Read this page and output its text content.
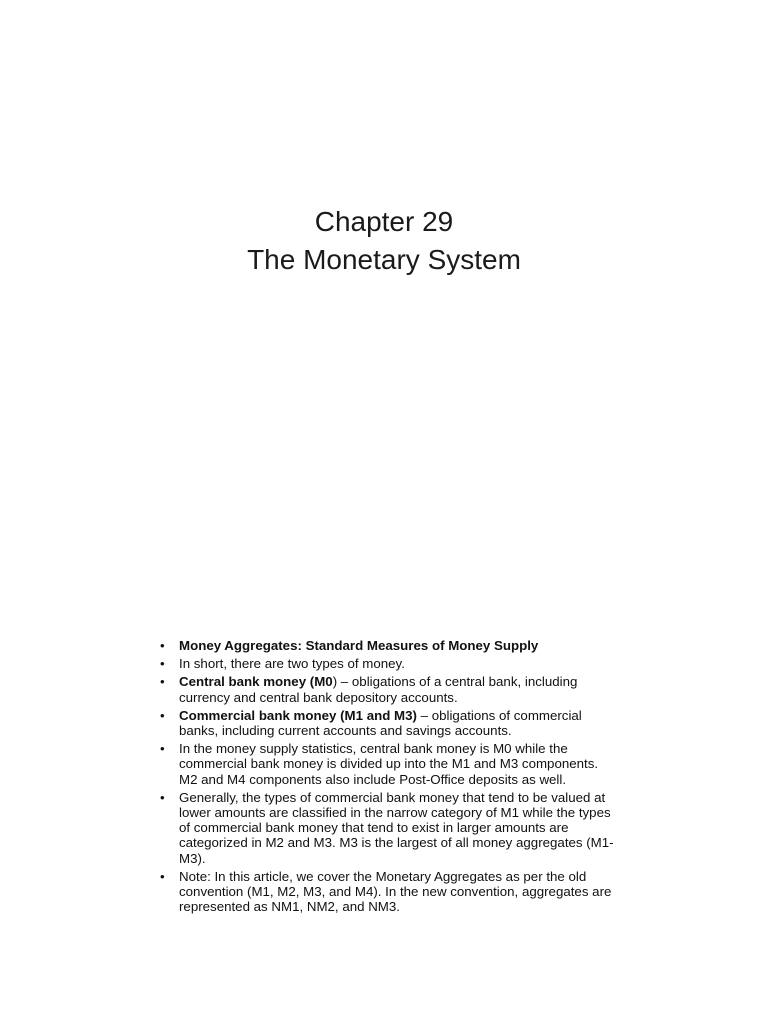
Chapter 29
The Monetary System
• Money Aggregates: Standard Measures of Money Supply
• In short, there are two types of money.
• Central bank money (M0) – obligations of a central bank, including currency and central bank depository accounts.
• Commercial bank money (M1 and M3) – obligations of commercial banks, including current accounts and savings accounts.
• In the money supply statistics, central bank money is M0 while the commercial bank money is divided up into the M1 and M3 components. M2 and M4 components also include Post-Office deposits as well.
• Generally, the types of commercial bank money that tend to be valued at lower amounts are classified in the narrow category of M1 while the types of commercial bank money that tend to exist in larger amounts are categorized in M2 and M3. M3 is the largest of all money aggregates (M1-M3).
• Note: In this article, we cover the Monetary Aggregates as per the old convention (M1, M2, M3, and M4). In the new convention, aggregates are represented as NM1, NM2, and NM3.
